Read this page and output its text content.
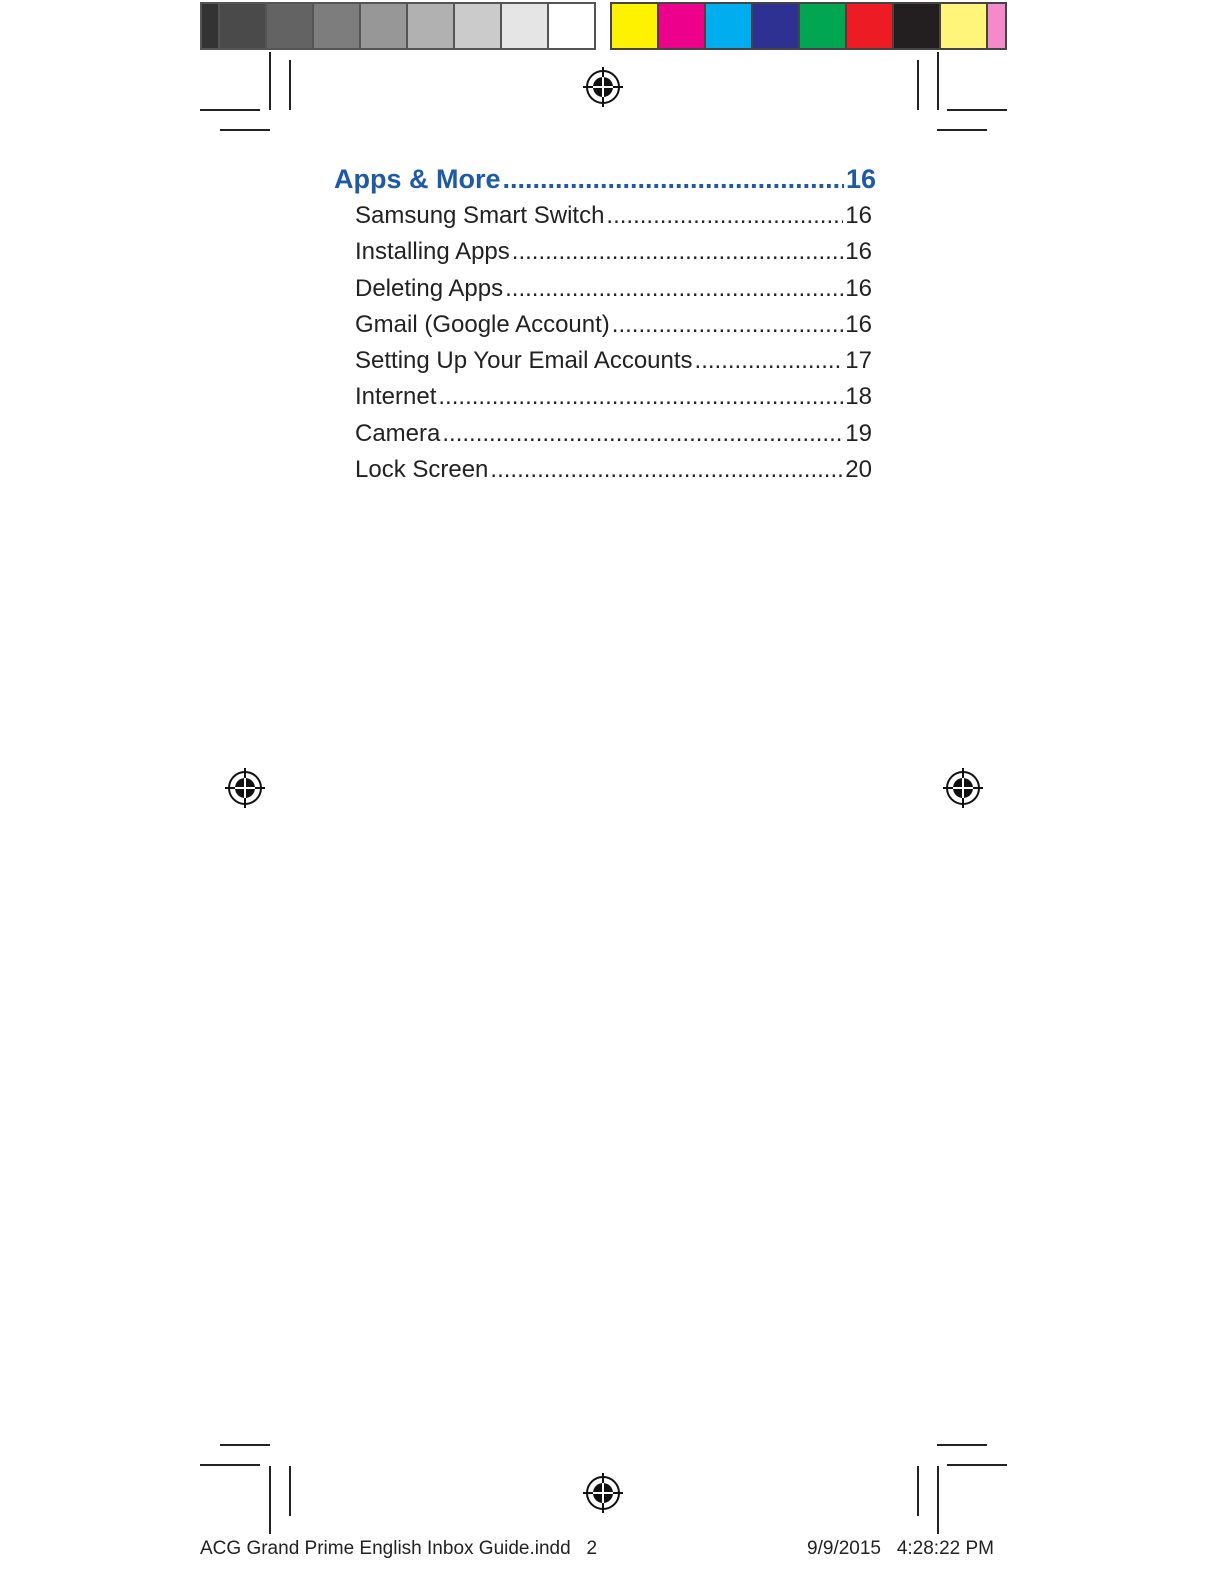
Apps & More .....	16
Samsung Smart Switch .....	16
Installing Apps .....	16
Deleting Apps .....	16
Gmail (Google Account) .....	16
Setting Up Your Email Accounts .....	17
Internet .....	18
Camera .....	19
Lock Screen .....	20
ACG Grand Prime English Inbox Guide.indd   2	9/9/2015   4:28:22 PM
